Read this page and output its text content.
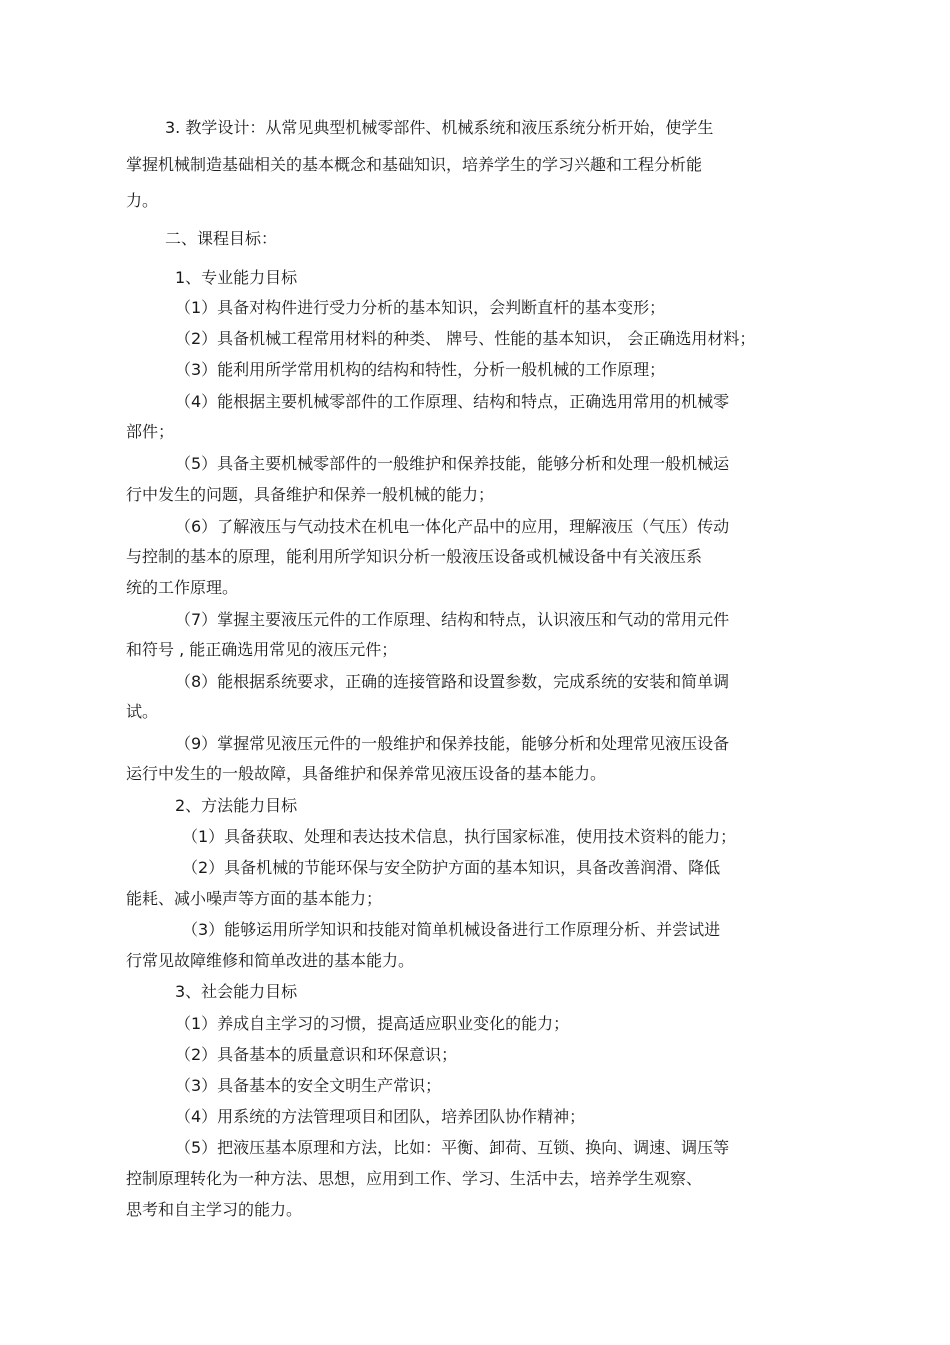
3. 教学设计：从常见典型机械零部件、机械系统和液压系统分析开始，使学生

掌握机械制造基础相关的基本概念和基础知识，培养学生的学习兴趣和工程分析能

力。

二、课程目标：

1、专业能力目标

（1）具备对构件进行受力分析的基本知识，会判断直杆的基本变形；

（2）具备机械工程常用材料的种类、 牌号、性能的基本知识， 会正确选用材料；

（3）能利用所学常用机构的结构和特性，分析一般机械的工作原理；

（4）能根据主要机械零部件的工作原理、结构和特点，正确选用常用的机械零

部件；

（5）具备主要机械零部件的一般维护和保养技能，能够分析和处理一般机械运

行中发生的问题，具备维护和保养一般机械的能力；

（6）了解液压与气动技术在机电一体化产品中的应用，理解液压（气压）传动

与控制的基本的原理，能利用所学知识分析一般液压设备或机械设备中有关液压系

统的工作原理。

（7）掌握主要液压元件的工作原理、结构和特点，认识液压和气动的常用元件

和符号 , 能正确选用常见的液压元件；

（8）能根据系统要求，正确的连接管路和设置参数，完成系统的安装和简单调

试。

（9）掌握常见液压元件的一般维护和保养技能，能够分析和处理常见液压设备

运行中发生的一般故障，具备维护和保养常见液压设备的基本能力。

2、方法能力目标

（1）具备获取、处理和表达技术信息，执行国家标准，使用技术资料的能力；

（2）具备机械的节能环保与安全防护方面的基本知识，具备改善润滑、降低

能耗、减小噪声等方面的基本能力；

（3）能够运用所学知识和技能对简单机械设备进行工作原理分析、并尝试进

行常见故障维修和简单改进的基本能力。

3、社会能力目标

（1）养成自主学习的习惯，提高适应职业变化的能力；

（2）具备基本的质量意识和环保意识；

（3）具备基本的安全文明生产常识；

（4）用系统的方法管理项目和团队，培养团队协作精神；

（5）把液压基本原理和方法，比如：平衡、卸荷、互锁、换向、调速、调压等

控制原理转化为一种方法、思想，应用到工作、学习、生活中去，培养学生观察、

思考和自主学习的能力。
